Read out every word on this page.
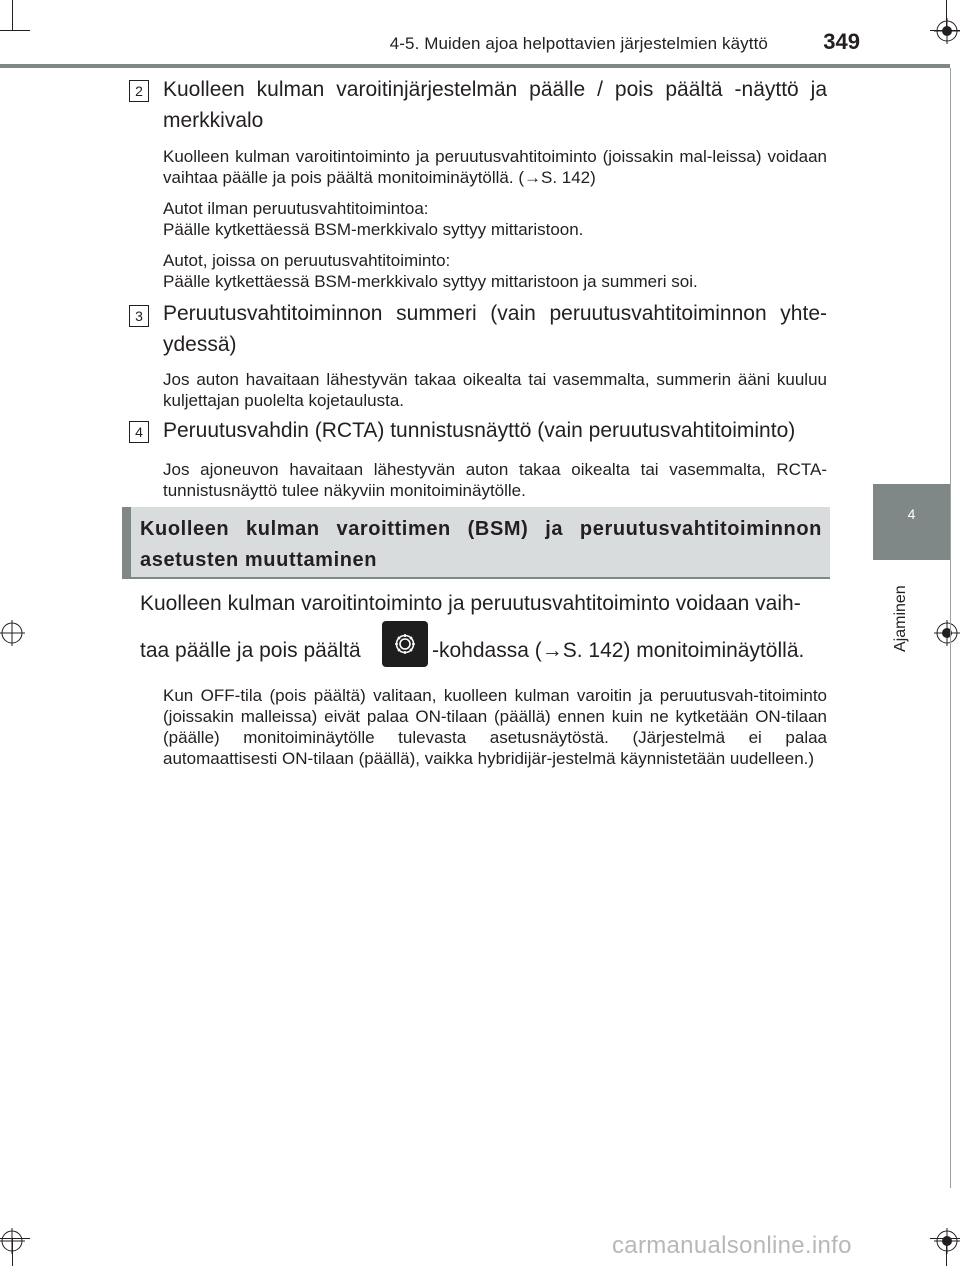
4-5. Muiden ajoa helpottavien järjestelmien käyttö	349
4
Ajaminen
2 Kuolleen kulman varoitinjärjestelmän päälle / pois päältä -näyttö ja merkkivalo
Kuolleen kulman varoitintoiminto ja peruutusvahtitoiminto (joissakin mal-leissa) voidaan vaihtaa päälle ja pois päältä monitoiminäytöllä. (→S. 142)
Autot ilman peruutusvahtitoimintoa:
Päälle kytkettäessä BSM-merkkivalo syttyy mittaristoon.
Autot, joissa on peruutusvahtitoiminto:
Päälle kytkettäessä BSM-merkkivalo syttyy mittaristoon ja summeri soi.
3 Peruutusvahtitoiminnon summeri (vain peruutusvahtitoiminnon yhte-ydessä)
Jos auton havaitaan lähestyvän takaa oikealta tai vasemmalta, summerin ääni kuuluu kuljettajan puolelta kojetaulusta.
4 Peruutusvahdin (RCTA) tunnistusnäyttö (vain peruutusvahtitoiminto)
Jos ajoneuvon havaitaan lähestyvän auton takaa oikealta tai vasemmalta, RCTA-tunnistusnäyttö tulee näkyviin monitoiminäytölle.
Kuolleen kulman varoittimen (BSM) ja peruutusvahtitoiminnon asetusten muuttaminen
Kuolleen kulman varoitintoiminto ja peruutusvahtitoiminto voidaan vaih-
taa päälle ja pois päältä	-kohdassa (→S. 142) monitoiminäytöllä.
Kun OFF-tila (pois päältä) valitaan, kuolleen kulman varoitin ja peruutusvah-titoiminto (joissakin malleissa) eivät palaa ON-tilaan (päällä) ennen kuin ne kytketään ON-tilaan (päälle) monitoiminäytölle tulevasta asetusnäytöstä. (Järjestelmä ei palaa automaattisesti ON-tilaan (päällä), vaikka hybridijär-jestelmä käynnistetään uudelleen.)
carmanualsonline.info
